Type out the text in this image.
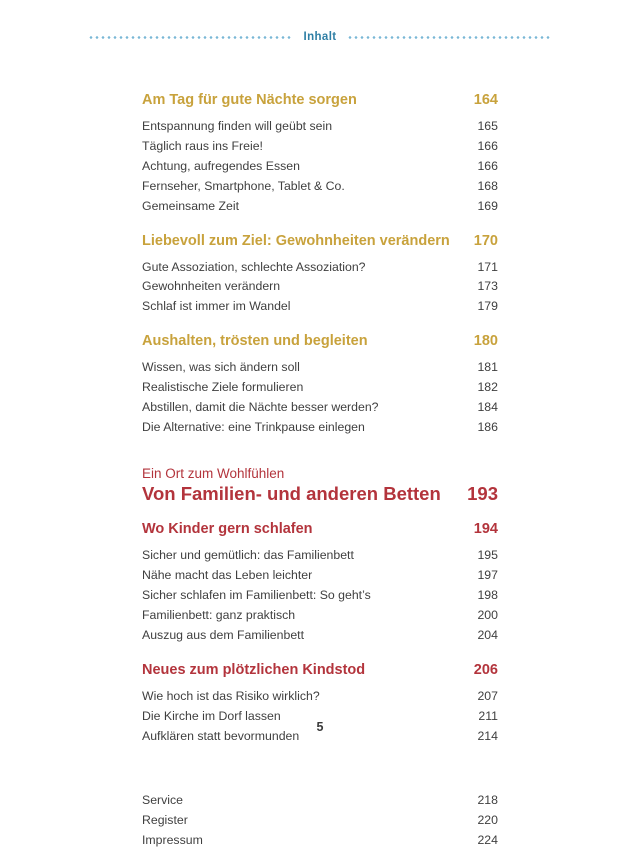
Inhalt
Am Tag für gute Nächte sorgen	164
Entspannung finden will geübt sein	165
Täglich raus ins Freie!	166
Achtung, aufregendes Essen	166
Fernseher, Smartphone, Tablet & Co.	168
Gemeinsame Zeit	169
Liebevoll zum Ziel: Gewohnheiten verändern 170
Gute Assoziation, schlechte Assoziation?	171
Gewohnheiten verändern	173
Schlaf ist immer im Wandel	179
Aushalten, trösten und begleiten	180
Wissen, was sich ändern soll	181
Realistische Ziele formulieren	182
Abstillen, damit die Nächte besser werden?	184
Die Alternative: eine Trinkpause einlegen	186
Ein Ort zum Wohlfühlen
Von Familien- und anderen Betten 193
Wo Kinder gern schlafen	194
Sicher und gemütlich: das Familienbett	195
Nähe macht das Leben leichter	197
Sicher schlafen im Familienbett: So geht’s	198
Familienbett: ganz praktisch	200
Auszug aus dem Familienbett	204
Neues zum plötzlichen Kindstod	206
Wie hoch ist das Risiko wirklich?	207
Die Kirche im Dorf lassen	211
Aufklären statt bevormunden	214
Service	218
Register	220
Impressum	224
5
